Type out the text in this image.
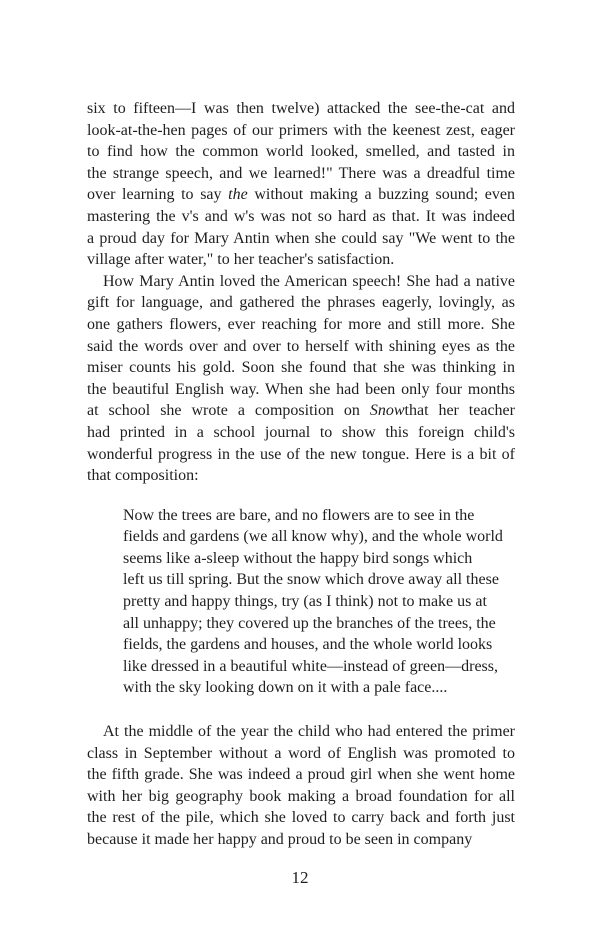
six to fifteen—I was then twelve) attacked the see-the-cat and
look-at-the-hen pages of our primers with the keenest zest, eager
to find how the common world looked, smelled, and tasted in
the strange speech, and we learned!" There was a dreadful time
over learning to say the without making a buzzing sound; even
mastering the v's and w's was not so hard as that. It was indeed
a proud day for Mary Antin when she could say "We went to the
village after water," to her teacher's satisfaction.

How Mary Antin loved the American speech! She had a native
gift for language, and gathered the phrases eagerly, lovingly, as
one gathers flowers, ever reaching for more and still more. She
said the words over and over to herself with shining eyes as the
miser counts his gold. Soon she found that she was thinking in
the beautiful English way. When she had been only four months
at school she wrote a composition on Snowthat her teacher
had printed in a school journal to show this foreign child's
wonderful progress in the use of the new tongue. Here is a bit of
that composition:

Now the trees are bare, and no flowers are to see in the
fields and gardens (we all know why), and the whole world
seems like a-sleep without the happy bird songs which
left us till spring. But the snow which drove away all these
pretty and happy things, try (as I think) not to make us at
all unhappy; they covered up the branches of the trees, the
fields, the gardens and houses, and the whole world looks
like dressed in a beautiful white—instead of green—dress,
with the sky looking down on it with a pale face....

At the middle of the year the child who had entered the primer
class in September without a word of English was promoted to
the fifth grade. She was indeed a proud girl when she went home
with her big geography book making a broad foundation for all
the rest of the pile, which she loved to carry back and forth just
because it made her happy and proud to be seen in company

12
